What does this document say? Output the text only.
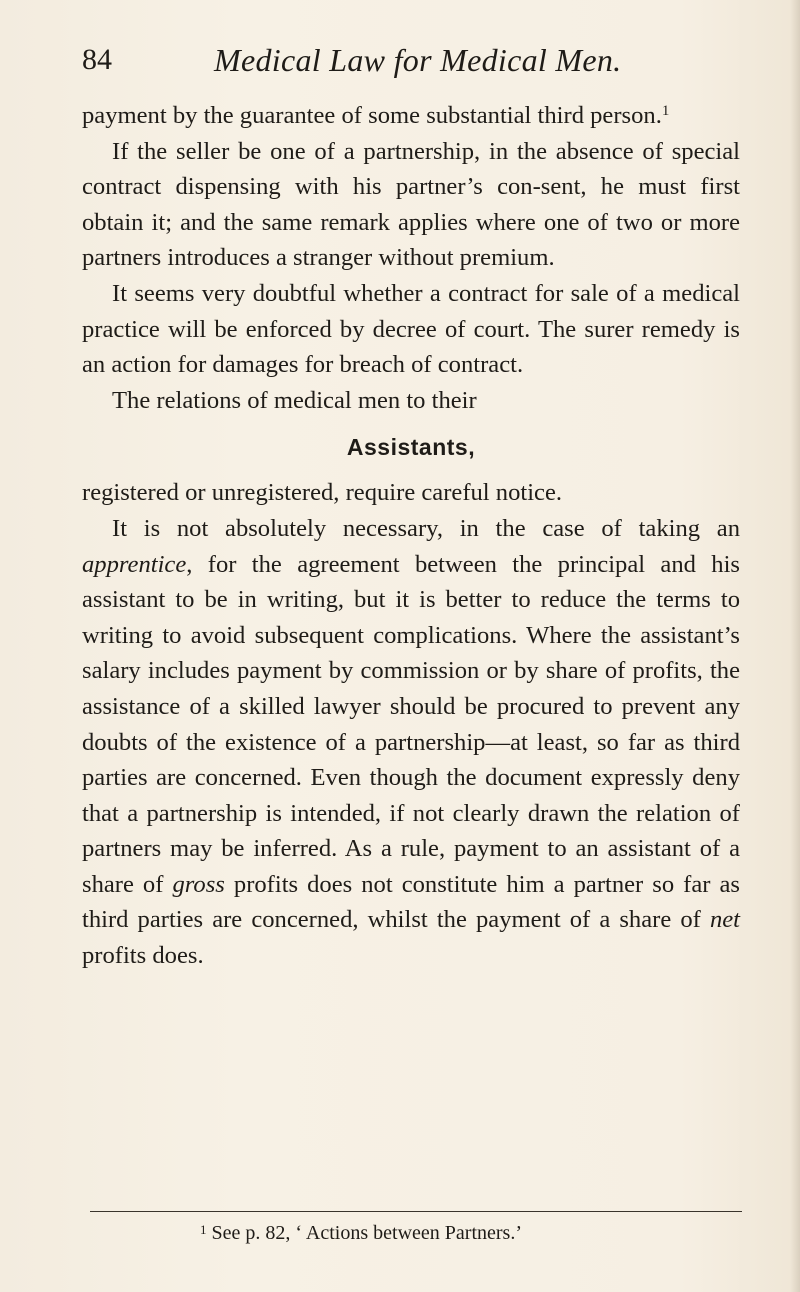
84	Medical Law for Medical Men.

payment by the guarantee of some substantial third person.$^1$

If the seller be one of a partnership, in the absence of special contract dispensing with his partner’s con-sent, he must first obtain it; and the same remark applies where one of two or more partners introduces a stranger without premium.

It seems very doubtful whether a contract for sale of a medical practice will be enforced by decree of court. The surer remedy is an action for damages for breach of contract.

The relations of medical men to their

Assistants,

registered or unregistered, require careful notice.

It is not absolutely necessary, in the case of taking an apprentice, for the agreement between the principal and his assistant to be in writing, but it is better to reduce the terms to writing to avoid subsequent complications. Where the assistant’s salary includes payment by commission or by share of profits, the assistance of a skilled lawyer should be procured to prevent any doubts of the existence of a partnership—at least, so far as third parties are concerned. Even though the document expressly deny that a partnership is intended, if not clearly drawn the relation of partners may be inferred. As a rule, payment to an assistant of a share of gross profits does not constitute him a partner so far as third parties are concerned, whilst the payment of a share of net profits does.

$^1$ See p. 82, ‘ Actions between Partners.’
